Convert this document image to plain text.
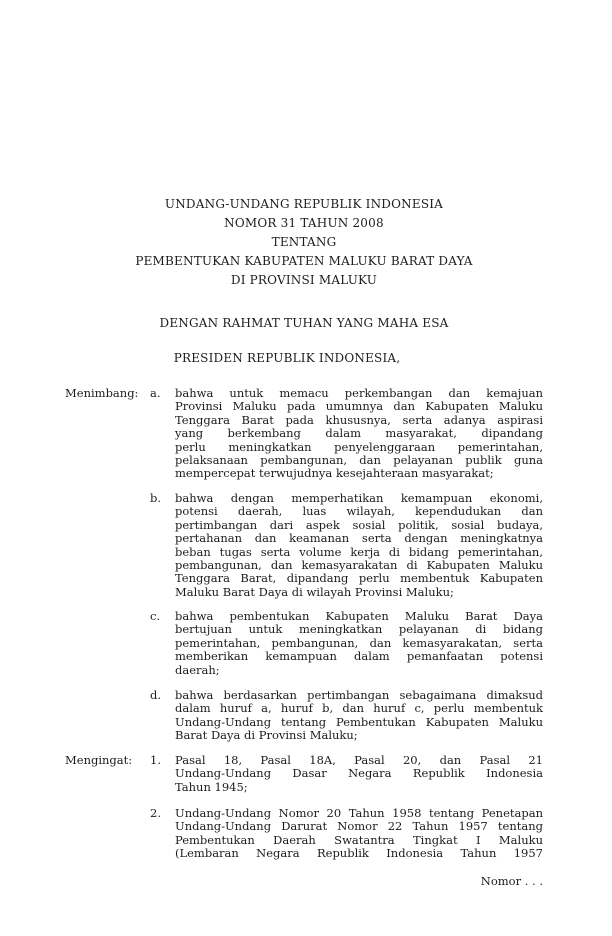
UNDANG-UNDANG REPUBLIK INDONESIA
NOMOR 31 TAHUN 2008
TENTANG
PEMBENTUKAN KABUPATEN MALUKU BARAT DAYA
DI PROVINSI MALUKU
DENGAN RAHMAT TUHAN YANG MAHA ESA
PRESIDEN REPUBLIK INDONESIA,
Menimbang: a. bahwa untuk memacu perkembangan dan kemajuan
Provinsi Maluku pada umumnya dan Kabupaten Maluku
Tenggara Barat pada khususnya, serta adanya aspirasi
yang berkembang dalam masyarakat, dipandang
perlu meningkatkan penyelenggaraan pemerintahan,
pelaksanaan pembangunan, dan pelayanan publik guna
mempercepat terwujudnya kesejahteraan masyarakat;
b. bahwa dengan memperhatikan kemampuan ekonomi,
potensi daerah, luas wilayah, kependudukan dan
pertimbangan dari aspek sosial politik, sosial budaya,
pertahanan dan keamanan serta dengan meningkatnya
beban tugas serta volume kerja di bidang pemerintahan,
pembangunan, dan kemasyarakatan di Kabupaten Maluku
Tenggara Barat, dipandang perlu membentuk Kabupaten
Maluku Barat Daya di wilayah Provinsi Maluku;
c. bahwa pembentukan Kabupaten Maluku Barat Daya
bertujuan untuk meningkatkan pelayanan di bidang
pemerintahan, pembangunan, dan kemasyarakatan, serta
memberikan kemampuan dalam pemanfaatan potensi
daerah;
d. bahwa berdasarkan pertimbangan sebagaimana dimaksud
dalam huruf a, huruf b, dan huruf c, perlu membentuk
Undang-Undang tentang Pembentukan Kabupaten Maluku
Barat Daya di Provinsi Maluku;
Mengingat: 1. Pasal 18, Pasal 18A, Pasal 20, dan Pasal 21
Undang-Undang Dasar Negara Republik Indonesia
Tahun 1945;
2. Undang-Undang Nomor 20 Tahun 1958 tentang Penetapan
Undang-Undang Darurat Nomor 22 Tahun 1957 tentang
Pembentukan Daerah Swatantra Tingkat I Maluku
(Lembaran Negara Republik Indonesia Tahun 1957
Nomor . . .
